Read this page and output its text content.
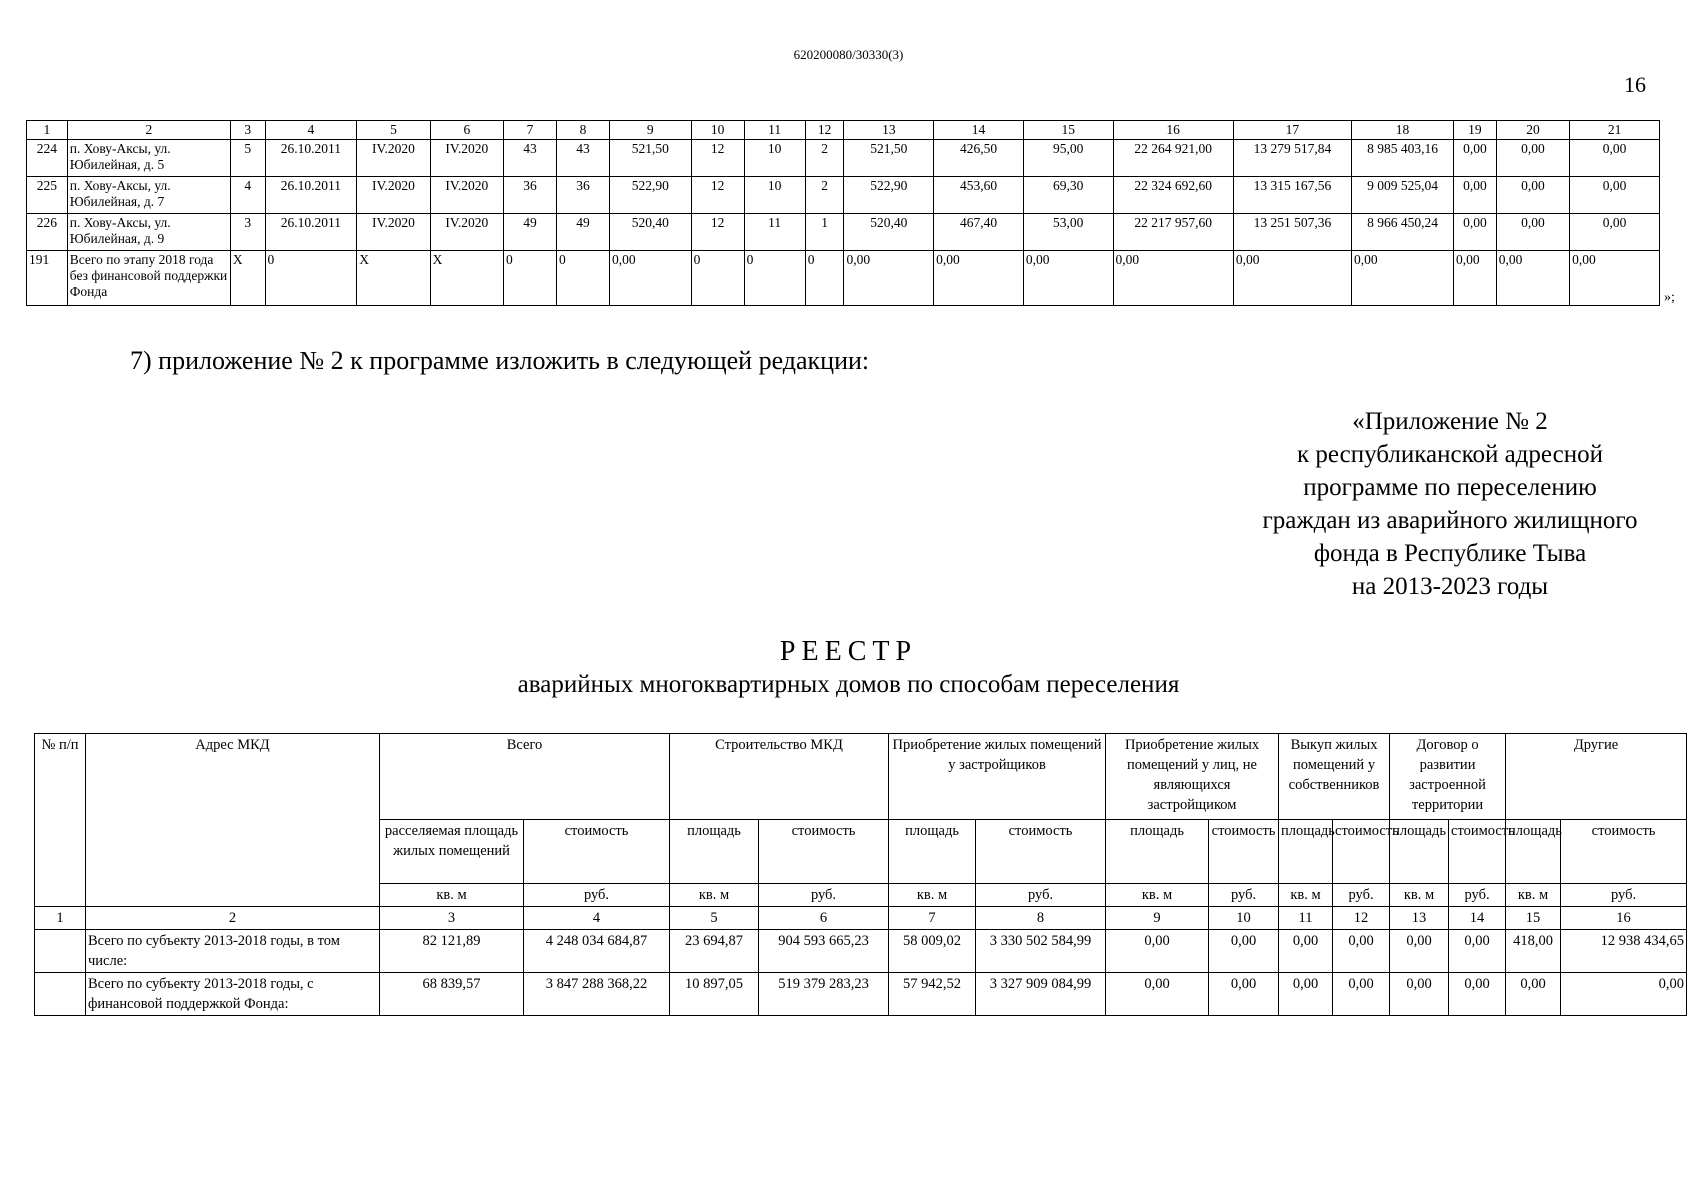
620200080/30330(3)
16
1	2	3	4	5	6	7	8	9	10	11	12	13	14	15	16	17	18	19	20	21
224	п. Хову-Аксы, ул. Юбилейная, д. 5	5	26.10.2011	IV.2020	IV.2020	43	43	521,50	12	10	2	521,50	426,50	95,00	22 264 921,00	13 279 517,84	8 985 403,16	0,00	0,00	0,00
225	п. Хову-Аксы, ул. Юбилейная, д. 7	4	26.10.2011	IV.2020	IV.2020	36	36	522,90	12	10	2	522,90	453,60	69,30	22 324 692,60	13 315 167,56	9 009 525,04	0,00	0,00	0,00
226	п. Хову-Аксы, ул. Юбилейная, д. 9	3	26.10.2011	IV.2020	IV.2020	49	49	520,40	12	11	1	520,40	467,40	53,00	22 217 957,60	13 251 507,36	8 966 450,24	0,00	0,00	0,00
191	Всего по этапу 2018 года без финансовой поддержки Фонда	X	0	X	X	0	0	0,00	0	0	0	0,00	0,00	0,00	0,00	0,00	0,00	0,00	0,00	0,00
»;
7) приложение № 2 к программе изложить в следующей редакции:
«Приложение № 2
к республиканской адресной
программе по переселению
граждан из аварийного жилищного
фонда в Республике Тыва
на 2013-2023 годы
РЕЕСТР
аварийных многоквартирных домов по способам переселения
№ п/п	Адрес МКД	Всего		Строительство МКД		Приобретение жилых помещений у застройщиков		Приобретение жилых помещений у лиц, не являющихся застройщиком		Выкуп жилых помещений у собственников		Договор о развитии застроенной территории		Другие	
		расселяемая площадь жилых помещений	стоимость	площадь	стоимость	площадь	стоимость	площадь	стоимость	площадь	стоимость	площадь	стоимость	площадь	стоимость
		кв. м	руб.	кв. м	руб.	кв. м	руб.	кв. м	руб.	кв. м	руб.	кв. м	руб.	кв. м	руб.
1	2	3	4	5	6	7	8	9	10	11	12	13	14	15	16
	Всего по субъекту 2013-2018 годы, в том числе:	82 121,89	4 248 034 684,87	23 694,87	904 593 665,23	58 009,02	3 330 502 584,99	0,00	0,00	0,00	0,00	0,00	0,00	418,00	12 938 434,65
	Всего по субъекту 2013-2018 годы, с финансовой поддержкой Фонда:	68 839,57	3 847 288 368,22	10 897,05	519 379 283,23	57 942,52	3 327 909 084,99	0,00	0,00	0,00	0,00	0,00	0,00	0,00	0,00
